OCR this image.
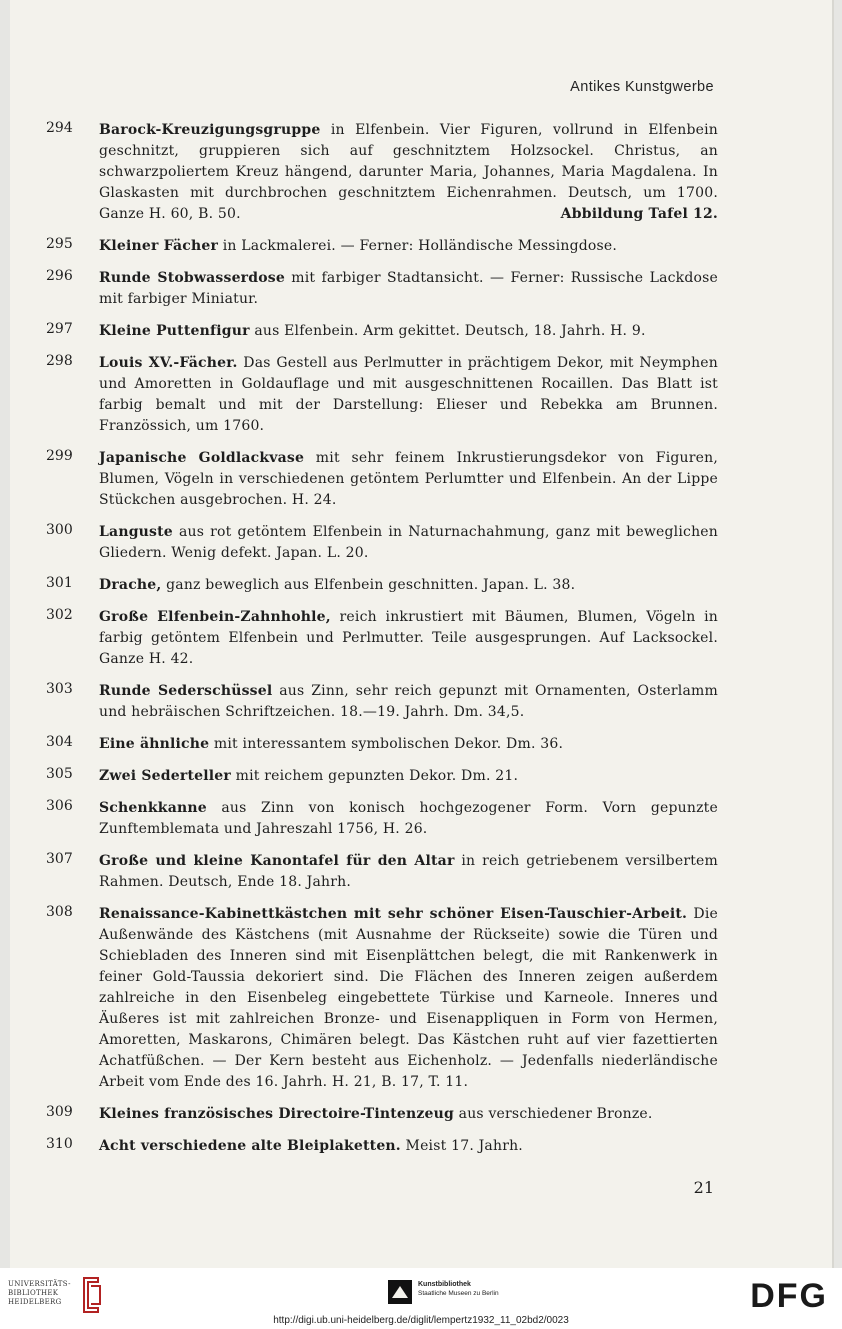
Antikes Kunstgwerbe
294	Barock-Kreuzigungsgruppe in Elfenbein. Vier Figuren, vollrund in Elfenbein geschnitzt, gruppieren sich auf geschnitztem Holzsockel. Christus, an schwarzpoliertem Kreuz hängend, darunter Maria, Johannes, Maria Magdalena. In Glaskasten mit durchbrochen geschnitztem Eichenrahmen. Deutsch, um 1700. Ganze H. 60, B. 50.	Abbildung Tafel 12.
295	Kleiner Fächer in Lackmalerei. — Ferner: Holländische Messingdose.
296	Runde Stobwasserdose mit farbiger Stadtansicht. — Ferner: Russische Lackdose mit farbiger Miniatur.
297	Kleine Puttenfigur aus Elfenbein. Arm gekittet. Deutsch, 18. Jahrh. H. 9.
298	Louis XV.-Fächer. Das Gestell aus Perlmutter in prächtigem Dekor, mit Neymphen und Amoretten in Goldauflage und mit ausgeschnittenen Rocaillen. Das Blatt ist farbig bemalt und mit der Darstellung: Elieser und Rebekka am Brunnen. Französsich, um 1760.
299	Japanische Goldlackvase mit sehr feinem Inkrustierungsdekor von Figuren, Blumen, Vögeln in verschiedenen getöntem Perlumtter und Elfenbein. An der Lippe Stückchen ausgebrochen. H. 24.
300	Languste aus rot getöntem Elfenbein in Naturnachahmung, ganz mit beweglichen Gliedern. Wenig defekt. Japan. L. 20.
301	Drache, ganz beweglich aus Elfenbein geschnitten. Japan. L. 38.
302	Große Elfenbein-Zahnhohle, reich inkrustiert mit Bäumen, Blumen, Vögeln in farbig getöntem Elfenbein und Perlmutter. Teile ausgesprungen. Auf Lacksockel. Ganze H. 42.
303	Runde Sederschüssel aus Zinn, sehr reich gepunzt mit Ornamenten, Osterlamm und hebräischen Schriftzeichen. 18.—19. Jahrh. Dm. 34,5.
304	Eine ähnliche mit interessantem symbolischen Dekor. Dm. 36.
305	Zwei Sederteller mit reichem gepunzten Dekor. Dm. 21.
306	Schenkkanne aus Zinn von konisch hochgezogener Form. Vorn gepunzte Zunftemblemata und Jahreszahl 1756, H. 26.
307	Große und kleine Kanontafel für den Altar in reich getriebenem versilbertem Rahmen. Deutsch, Ende 18. Jahrh.
308	Renaissance-Kabinettkästchen mit sehr schöner Eisen-Tauschier-Arbeit. Die Außenwände des Kästchens (mit Ausnahme der Rückseite) sowie die Türen und Schiebladen des Inneren sind mit Eisenplättchen belegt, die mit Rankenwerk in feiner Gold-Taussia dekoriert sind. Die Flächen des Inneren zeigen außerdem zahlreiche in den Eisenbeleg eingebettete Türkise und Karneole. Inneres und Äußeres ist mit zahlreichen Bronze- und Eisenappliquen in Form von Hermen, Amoretten, Maskarons, Chimären belegt. Das Kästchen ruht auf vier fazettierten Achatfüßchen. — Der Kern besteht aus Eichenholz. — Jedenfalls niederländische Arbeit vom Ende des 16. Jahrh. H. 21, B. 17, T. 11.
309	Kleines französisches Directoire-Tintenzeug aus verschiedener Bronze.
310	Acht verschiedene alte Bleiplaketten. Meist 17. Jahrh.
21
UNIVERSITÄTS-BIBLIOTHEK HEIDELBERG
Kunstbibliothek
Staatliche Museen zu Berlin	DFG
http://digi.ub.uni-heidelberg.de/diglit/lempertz1932_11_02bd2/0023
